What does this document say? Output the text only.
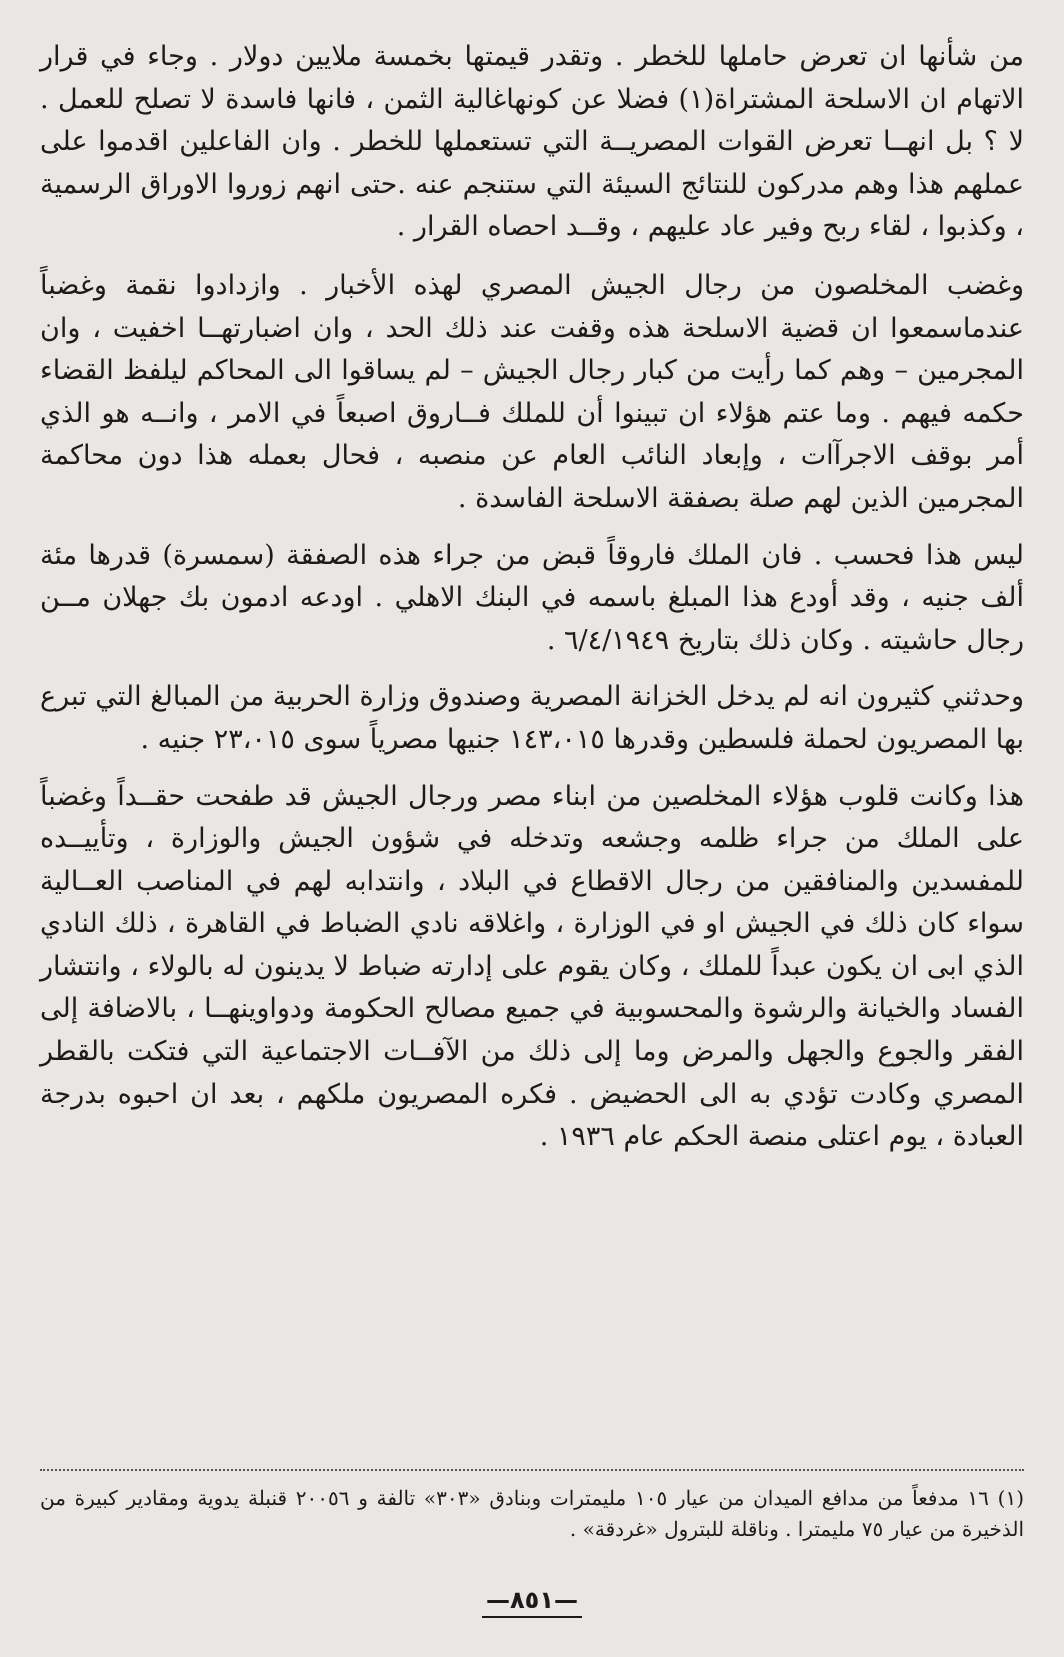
من شأنها ان تعرض حاملها للخطر . وتقدر قيمتها بخمسة ملايين دولار . وجاء في قرار الاتهام ان الاسلحة المشتراة(١) فضلا عن كونهاغالية الثمن ، فانها فاسدة لا تصلح للعمل . لا ؟ بل انهــا تعرض القوات المصريــة التي تستعملها للخطر . وان الفاعلين اقدموا على عملهم هذا وهم مدركون للنتائج السيئة التي ستنجم عنه .حتى انهم زوروا الاوراق الرسمية ، وكذبوا ، لقاء ربح وفير عاد عليهم ، وقــد احصاه القرار .

وغضب المخلصون من رجال الجيش المصري لهذه الأخبار . وازدادوا نقمة وغضباً عندماسمعوا ان قضية الاسلحة هذه وقفت عند ذلك الحد ، وان اضبارتهــا اخفيت ، وان المجرمين – وهم كما رأيت من كبار رجال الجيش – لم يساقوا الى المحاكم ليلفظ القضاء حكمه فيهم . وما عتم هؤلاء ان تبينوا أن للملك فــاروق اصبعاً في الامر ، وانــه هو الذي أمر بوقف الاجرآات ، وإبعاد النائب العام عن منصبه ، فحال بعمله هذا دون محاكمة المجرمين الذين لهم صلة بصفقة الاسلحة الفاسدة .

ليس هذا فحسب . فان الملك فاروقاً قبض من جراء هذه الصفقة (سمسرة) قدرها مئة ألف جنيه ، وقد أودع هذا المبلغ باسمه في البنك الاهلي . اودعه ادمون بك جهلان مــن رجال حاشيته . وكان ذلك بتاريخ ٦/٤/١٩٤٩ .

وحدثني كثيرون انه لم يدخل الخزانة المصرية وصندوق وزارة الحربية من المبالغ التي تبرع بها المصريون لحملة فلسطين وقدرها ١٤٣،٠١٥ جنيها مصرياً سوى ٢٣،٠١٥ جنيه .

هذا وكانت قلوب هؤلاء المخلصين من ابناء مصر ورجال الجيش قد طفحت حقــداً وغضباً على الملك من جراء ظلمه وجشعه وتدخله في شؤون الجيش والوزارة ، وتأييــده للمفسدين والمنافقين من رجال الاقطاع في البلاد ، وانتدابه لهم في المناصب العــالية سواء كان ذلك في الجيش او في الوزارة ، واغلاقه نادي الضباط في القاهرة ، ذلك النادي الذي ابى ان يكون عبداً للملك ، وكان يقوم على إدارته ضباط لا يدينون له بالولاء ، وانتشار الفساد والخيانة والرشوة والمحسوبية في جميع مصالح الحكومة ودواوينهــا ، بالاضافة إلى الفقر والجوع والجهل والمرض وما إلى ذلك من الآفــات الاجتماعية التي فتكت بالقطر المصري وكادت تؤدي به الى الحضيض . فكره المصريون ملكهم ، بعد ان احبوه بدرجة العبادة ، يوم اعتلى منصة الحكم عام ١٩٣٦ .

(١) ١٦ مدفعاً من مدافع الميدان من عيار ١٠٥ مليمترات وبنادق «٣٠٣» تالفة و ٢٠٠٥٦ قنبلة يدوية ومقادير كبيرة من الذخيرة من عيار ٧٥ مليمترا . وناقلة للبترول «غردقة» .

—٨٥١—
